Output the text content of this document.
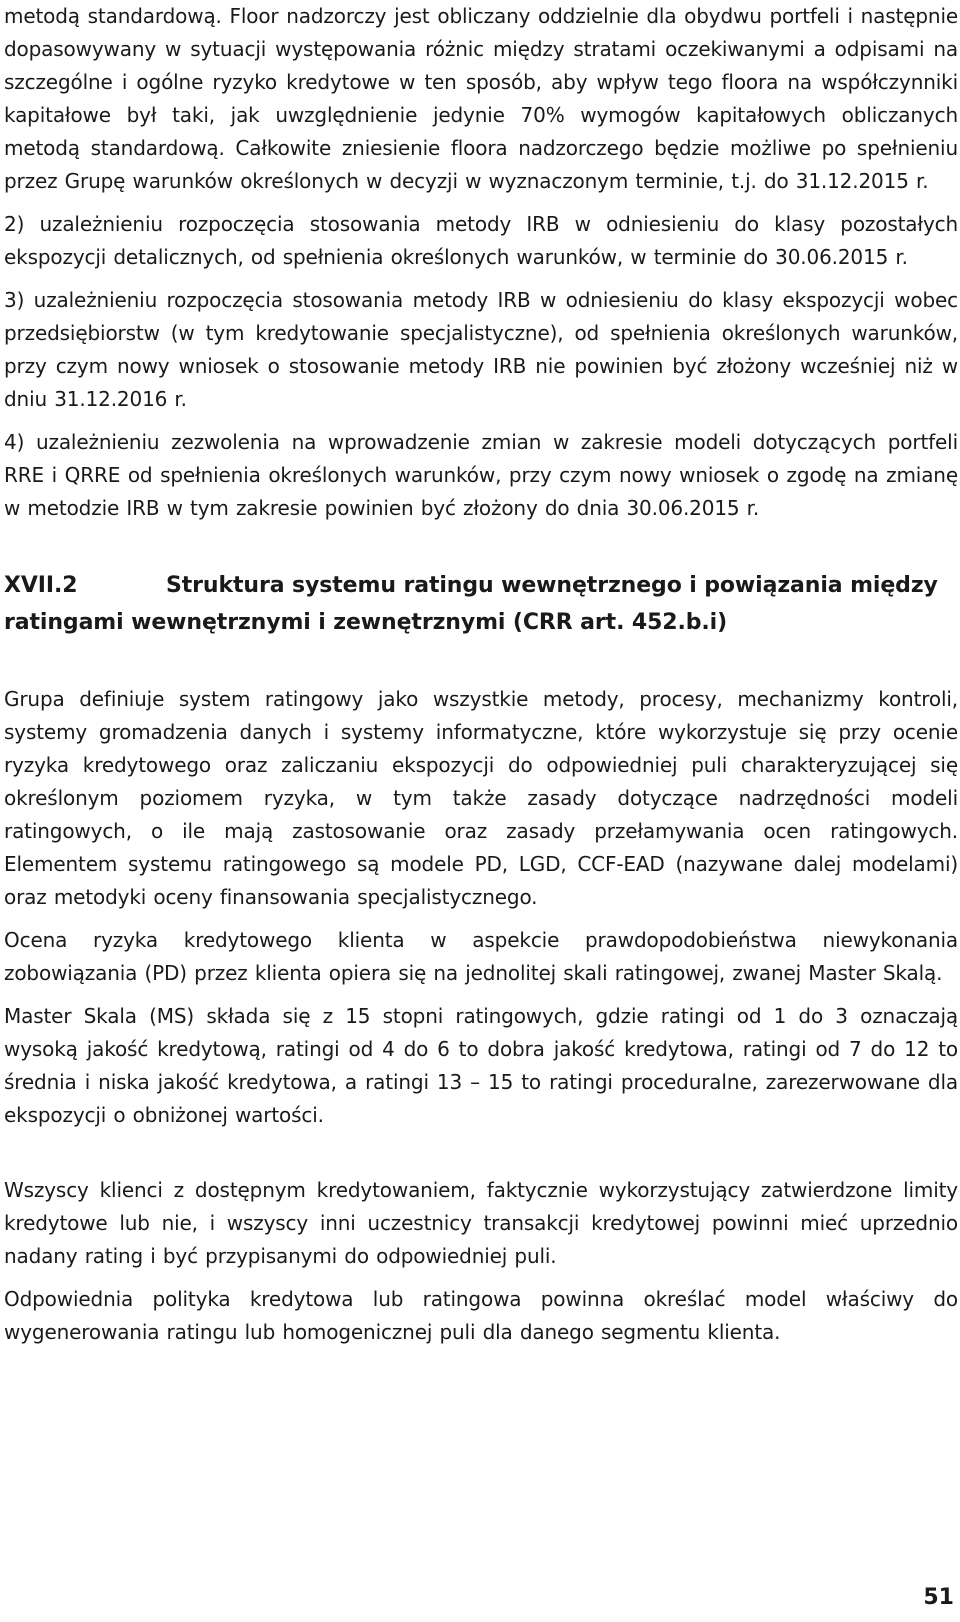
metodą standardową. Floor nadzorczy jest obliczany oddzielnie dla obydwu portfeli i następnie dopasowywany w sytuacji występowania różnic między stratami oczekiwanymi a odpisami na szczególne i ogólne ryzyko kredytowe w ten sposób, aby wpływ tego floora na współczynniki kapitałowe był taki, jak uwzględnienie jedynie 70% wymogów kapitałowych obliczanych metodą standardową. Całkowite zniesienie floora nadzorczego będzie możliwe po spełnieniu przez Grupę warunków określonych w decyzji w wyznaczonym terminie, t.j. do 31.12.2015 r.

2) uzależnieniu rozpoczęcia stosowania metody IRB w odniesieniu do klasy pozostałych ekspozycji detalicznych, od spełnienia określonych warunków, w terminie do 30.06.2015 r.

3) uzależnieniu rozpoczęcia stosowania metody IRB w odniesieniu do klasy ekspozycji wobec przedsiębiorstw (w tym kredytowanie specjalistyczne), od spełnienia określonych warunków, przy czym nowy wniosek o stosowanie metody IRB nie powinien być złożony wcześniej niż w dniu 31.12.2016 r.

4) uzależnieniu zezwolenia na wprowadzenie zmian w zakresie modeli dotyczących portfeli RRE i QRRE od spełnienia określonych warunków, przy czym nowy wniosek o zgodę na zmianę w metodzie IRB w tym zakresie powinien być złożony do dnia 30.06.2015 r.

XVII.2	Struktura systemu ratingu wewnętrznego i powiązania między ratingami wewnętrznymi i zewnętrznymi (CRR art. 452.b.i)

Grupa definiuje system ratingowy jako wszystkie metody, procesy, mechanizmy kontroli, systemy gromadzenia danych i systemy informatyczne, które wykorzystuje się przy ocenie ryzyka kredytowego oraz zaliczaniu ekspozycji do odpowiedniej puli charakteryzującej się określonym poziomem ryzyka, w tym także zasady dotyczące nadrzędności modeli ratingowych, o ile mają zastosowanie oraz zasady przełamywania ocen ratingowych. Elementem systemu ratingowego są modele PD, LGD, CCF-EAD (nazywane dalej modelami) oraz metodyki oceny finansowania specjalistycznego.

Ocena ryzyka kredytowego klienta w aspekcie prawdopodobieństwa niewykonania zobowiązania (PD) przez klienta opiera się na jednolitej skali ratingowej, zwanej Master Skalą.

Master Skala (MS) składa się z 15 stopni ratingowych, gdzie ratingi od 1 do 3 oznaczają wysoką jakość kredytową, ratingi od 4 do 6 to dobra jakość kredytowa, ratingi od 7 do 12 to średnia i niska jakość kredytowa, a ratingi 13 – 15 to ratingi proceduralne, zarezerwowane dla ekspozycji o obniżonej wartości.

Wszyscy klienci z dostępnym kredytowaniem, faktycznie wykorzystujący zatwierdzone limity kredytowe lub nie, i wszyscy inni uczestnicy transakcji kredytowej powinni mieć uprzednio nadany rating i być przypisanymi do odpowiedniej puli.

Odpowiednia polityka kredytowa lub ratingowa powinna określać model właściwy do wygenerowania ratingu lub homogenicznej puli dla danego segmentu klienta.

51
